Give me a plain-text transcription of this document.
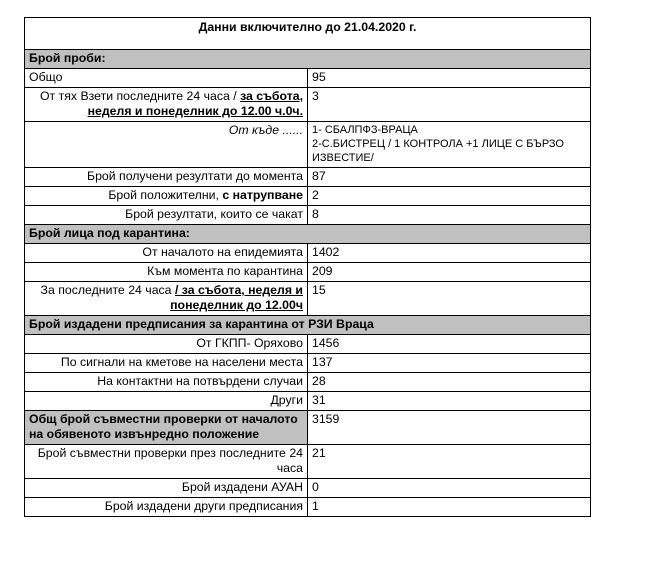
Данни включително до 21.04.2020 г.	
Брой проби:	
Общо	95
От тях Взети последните 24 часа / за събота,
неделя и понеделник до 12.00 ч.0ч.	3
От къде ......	1- СБАЛПФЗ-ВРАЦА
2-С.БИСТРЕЦ / 1 КОНТРОЛА +1 ЛИЦЕ С БЪРЗО ИЗВЕСТИЕ/

Брой получени резултати до момента	87
Брой положителни, с натрупване	2
Брой резултати, които се чакат	8
Брой лица под карантина:	
От началото на епидемията	1402
Към момента по карантина	209
За последните 24 часа / за събота, неделя и
понеделник до 12.00ч	15
Брой издадени предписания за карантина от РЗИ Враца	
От ГКПП- Оряхово	1456
По сигнали на кметове на населени места	137
На контактни на потвърдени случаи	28
Други	31
Общ брой съвместни проверки от началото на обявеното извънредно положение	3159
Брой съвместни проверки през последните 24 часа	21
Брой издадени АУАН	0
Брой издадени други предписания	1
